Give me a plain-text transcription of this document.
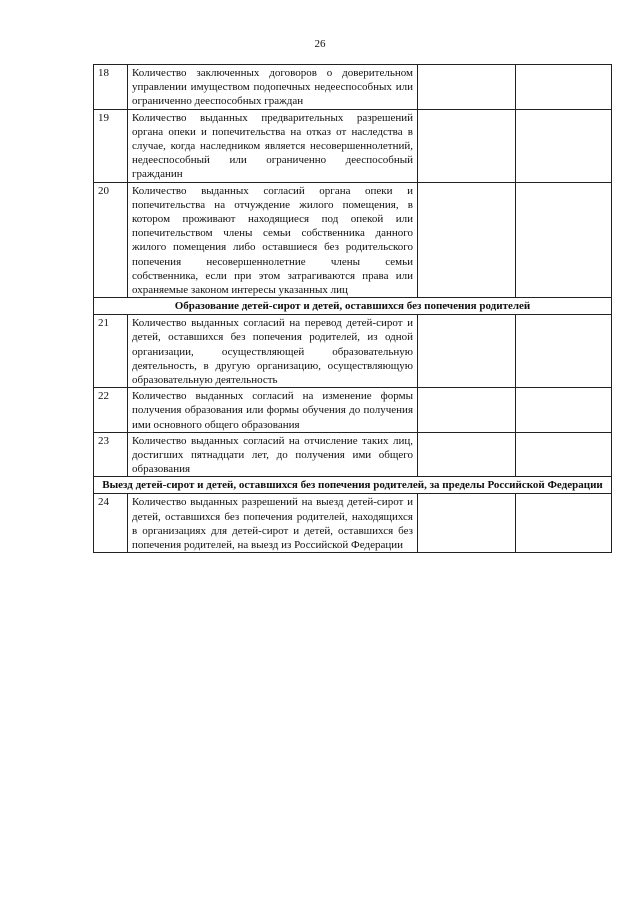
26
18	Количество заключенных договоров о доверительном управлении имуществом подопечных недееспособных или ограниченно дееспособных граждан		
19	Количество выданных предварительных разрешений органа опеки и попечительства на отказ от наследства в случае, когда наследником является несовершеннолетний, недееспособный или ограниченно дееспособный гражданин		
20	Количество выданных согласий органа опеки и попечительства на отчуждение жилого помещения, в котором проживают находящиеся под опекой или попечительством члены семьи собственника данного жилого помещения либо оставшиеся без родительского попечения несовершеннолетние члены семьи собственника, если при этом затрагиваются права или охраняемые законом интересы указанных лиц		
Образование детей-сирот и детей, оставшихся без попечения родителей			
21	Количество выданных согласий на перевод детей-сирот и детей, оставшихся без попечения родителей, из одной организации, осуществляющей образовательную деятельность, в другую организацию, осуществляющую образовательную деятельность		
22	Количество выданных согласий на изменение формы получения образования или формы обучения до получения ими основного общего образования		
23	Количество выданных согласий на отчисление таких лиц, достигших пятнадцати лет, до получения ими общего образования		
Выезд детей-сирот и детей, оставшихся без попечения родителей, за пределы Российской Федерации			
24	Количество выданных разрешений на выезд детей-сирот и детей, оставшихся без попечения родителей, находящихся в организациях для детей-сирот и детей, оставшихся без попечения родителей, на выезд из Российской Федерации		
